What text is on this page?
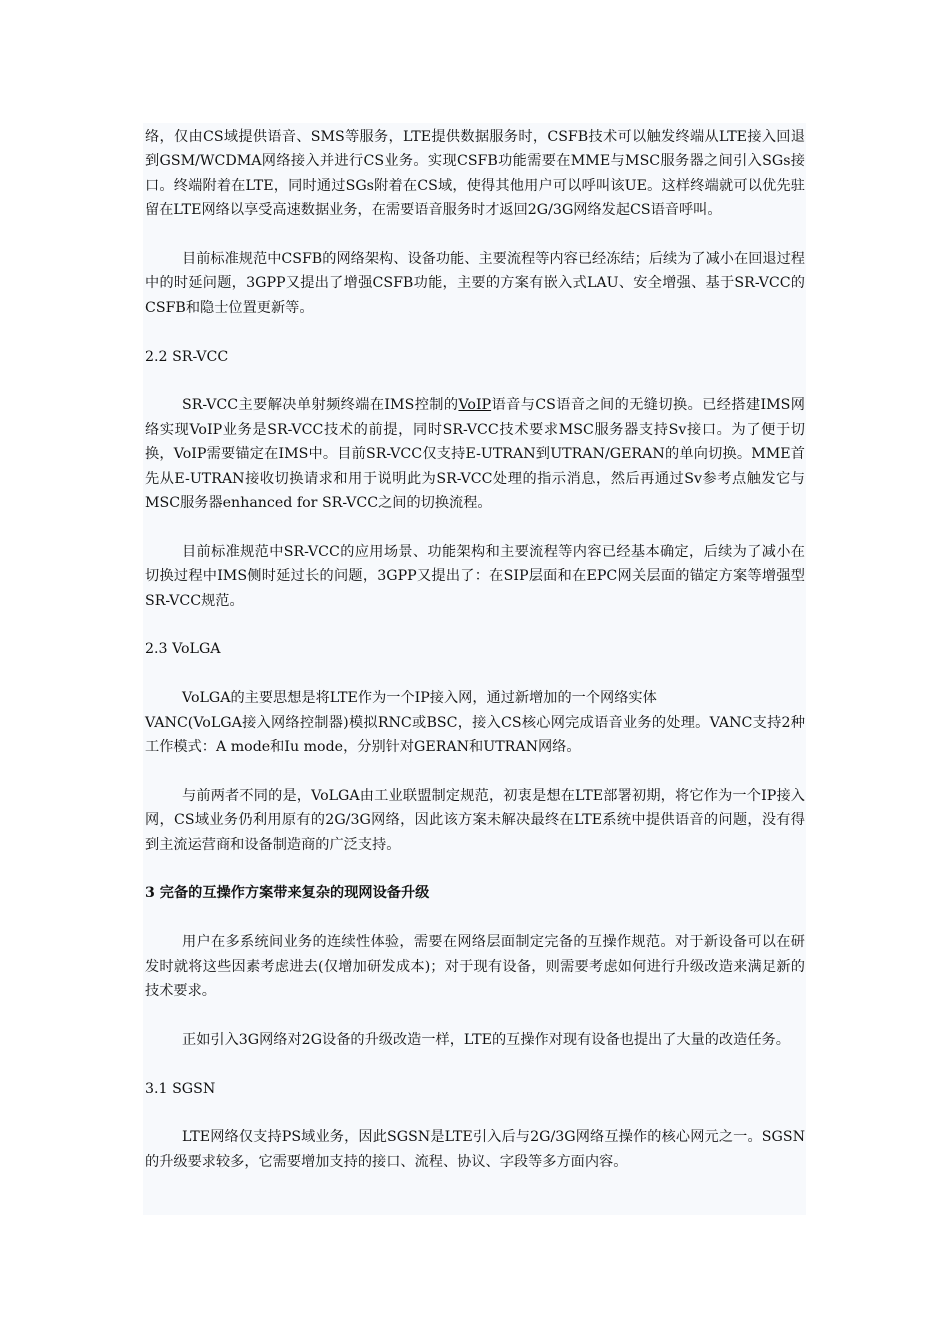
络，仅由CS域提供语音、SMS等服务，LTE提供数据服务时，CSFB技术可以触发终端从LTE接入回退到GSM/WCDMA网络接入并进行CS业务。实现CSFB功能需要在MME与MSC服务器之间引入SGs接口。终端附着在LTE，同时通过SGs附着在CS域，使得其他用户可以呼叫该UE。这样终端就可以优先驻留在LTE网络以享受高速数据业务，在需要语音服务时才返回2G/3G网络发起CS语音呼叫。

目前标准规范中CSFB的网络架构、设备功能、主要流程等内容已经冻结；后续为了减小在回退过程中的时延问题，3GPP又提出了增强CSFB功能，主要的方案有嵌入式LAU、安全增强、基于SR-VCC的CSFB和隐士位置更新等。

2.2 SR-VCC

SR-VCC主要解决单射频终端在IMS控制的VoIP语音与CS语音之间的无缝切换。已经搭建IMS网络实现VoIP业务是SR-VCC技术的前提，同时SR-VCC技术要求MSC服务器支持Sv接口。为了便于切换，VoIP需要锚定在IMS中。目前SR-VCC仅支持E-UTRAN到UTRAN/GERAN的单向切换。MME首先从E-UTRAN接收切换请求和用于说明此为SR-VCC处理的指示消息，然后再通过Sv参考点触发它与MSC服务器enhanced for SR-VCC之间的切换流程。

目前标准规范中SR-VCC的应用场景、功能架构和主要流程等内容已经基本确定，后续为了减小在切换过程中IMS侧时延过长的问题，3GPP又提出了：在SIP层面和在EPC网关层面的锚定方案等增强型SR-VCC规范。

2.3 VoLGA

VoLGA的主要思想是将LTE作为一个IP接入网，通过新增加的一个网络实体

VANC(VoLGA接入网络控制器)模拟RNC或BSC，接入CS核心网完成语音业务的处理。VANC支持2种工作模式：A mode和Iu mode，分别针对GERAN和UTRAN网络。

与前两者不同的是，VoLGA由工业联盟制定规范，初衷是想在LTE部署初期，将它作为一个IP接入网，CS域业务仍利用原有的2G/3G网络，因此该方案未解决最终在LTE系统中提供语音的问题，没有得到主流运营商和设备制造商的广泛支持。

3 完备的互操作方案带来复杂的现网设备升级

用户在多系统间业务的连续性体验，需要在网络层面制定完备的互操作规范。对于新设备可以在研发时就将这些因素考虑进去(仅增加研发成本)；对于现有设备，则需要考虑如何进行升级改造来满足新的技术要求。

正如引入3G网络对2G设备的升级改造一样，LTE的互操作对现有设备也提出了大量的改造任务。

3.1 SGSN

LTE网络仅支持PS域业务，因此SGSN是LTE引入后与2G/3G网络互操作的核心网元之一。SGSN的升级要求较多，它需要增加支持的接口、流程、协议、字段等多方面内容。
